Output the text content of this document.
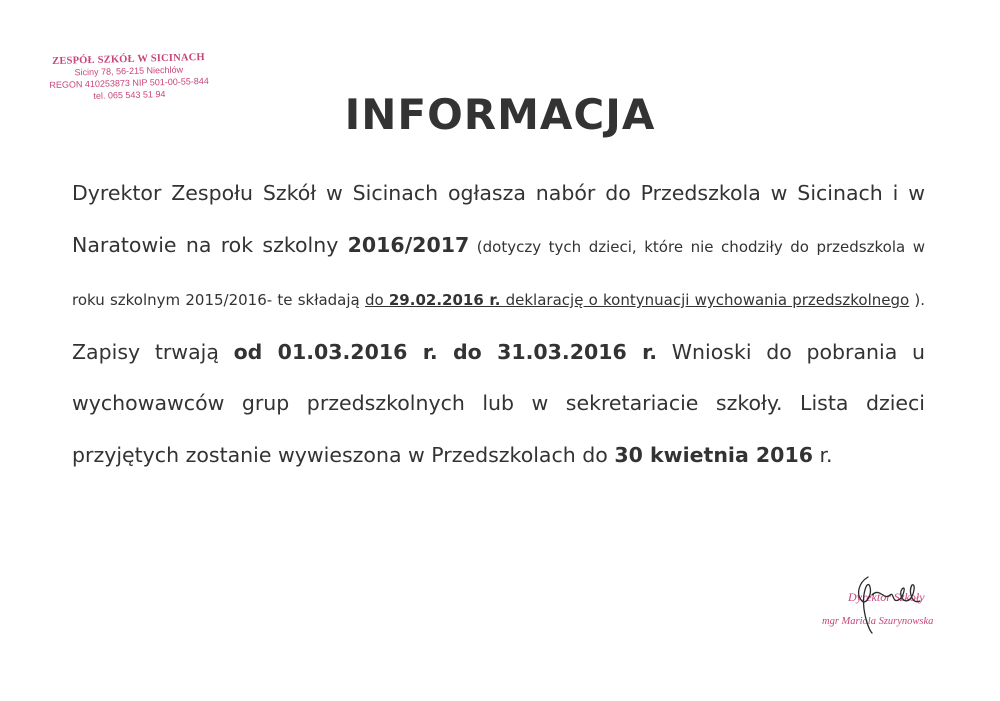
ZESPÓŁ SZKÓŁ W SICINACH
Siciny 78, 56-215 Niechlów
REGON 410253873 NIP 501-00-55-844
tel. 065 543 51 94	INFORMACJA

Dyrektor Zespołu Szkół w Sicinach ogłasza nabór do Przedszkola w Sicinach i w Naratowie na rok szkolny 2016/2017 (dotyczy tych dzieci, które nie chodziły do przedszkola w roku szkolnym 2015/2016- te składają do 29.02.2016 r. deklarację o kontynuacji wychowania przedszkolnego ). Zapisy trwają od 01.03.2016 r. do 31.03.2016 r. Wnioski do pobrania u wychowawców grup przedszkolnych lub w sekretariacie szkoły. Lista dzieci przyjętych zostanie wywieszona w Przedszkolach do 30 kwietnia 2016 r.

Dyrektor Szkoły
mgr Mariola Szurynowska
